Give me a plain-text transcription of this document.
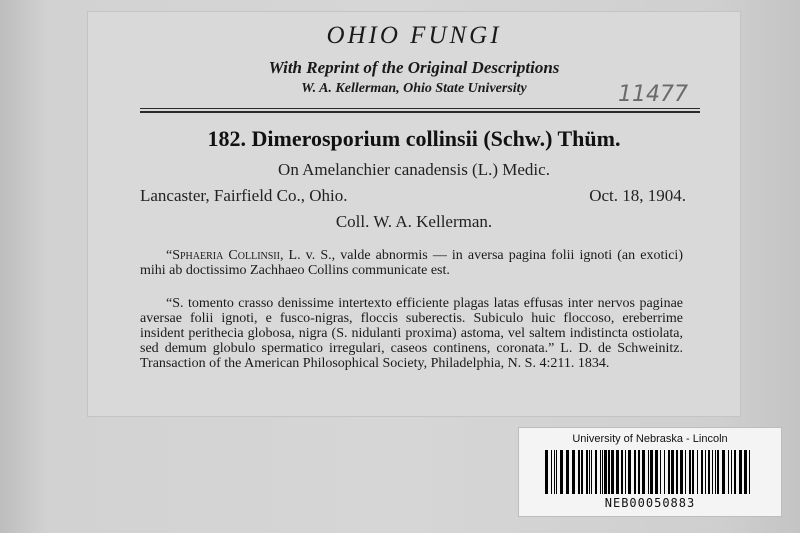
OHIO FUNGI
With Reprint of the Original Descriptions
W. A. Kellerman, Ohio State University	11477
182. Dimerosporium collinsii (Schw.) Thüm.
On Amelanchier canadensis (L.) Medic.
Lancaster, Fairfield Co., Ohio.	Oct. 18, 1904.
Coll. W. A. Kellerman.

“Sphaeria Collinsii, L. v. S., valde abnormis — in aversa pagina folii ignoti (an exotici) mihi ab doctissimo Zachhaeo Collins communicate est.

“S. tomento crasso denissime intertexto efficiente plagas latas effusas inter nervos paginae aversae folii ignoti, e fusco-nigras, floccis suberectis. Subiculo huic floccoso, ereberrime insident perithecia globosa, nigra (S. nidulanti proxima) astoma, vel saltem indistincta ostiolata, sed demum globulo spermatico irregulari, caseos continens, coronata.” L. D. de Schweinitz. Transaction of the American Philosophical Society, Philadelphia, N. S. 4:211. 1834.

University of Nebraska - Lincoln
NEB00050883
